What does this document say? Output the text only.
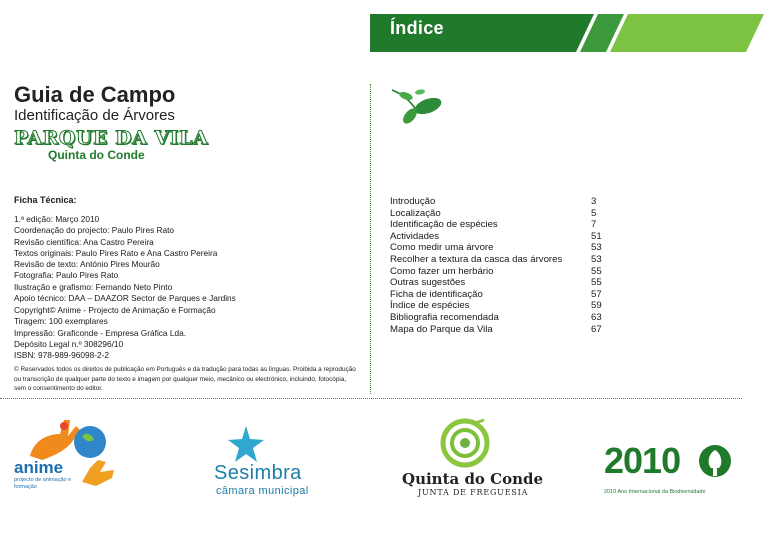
Índice
Guia de Campo
Identificação de Árvores
PARQUE DA VILA
Quinta do Conde
Ficha Técnica:
1.ª edição: Março 2010
Coordenação do projecto: Paulo Pires Rato
Revisão científica: Ana Castro Pereira
Textos originais: Paulo Pires Rato e Ana Castro Pereira
Revisão de texto: António Pires Mourão
Fotografia: Paulo Pires Rato
Ilustração e grafismo: Fernando Neto Pinto
Apoio técnico: DAA – DAAZOR Sector de Parques e Jardins
Copyright© Anime - Projecto de Animação e Formação
Tiragem: 100 exemplares
Impressão: Graficonde - Empresa Gráfica Lda.
Depósito Legal n.º 308296/10
ISBN: 978-989-96098-2-2
© Reservados todos os direitos de publicação em Português e da tradução para todas as línguas. Proibida a reprodução ou transcrição de qualquer parte do texto e imagem por qualquer meio, mecânico ou electrónico, incluindo, fotocópia, sem o consentimento do editor.
Introdução	3
Localização	5
Identificação de espécies	7
Actividades	51
Como medir uma árvore	53
Recolher a textura da casca das árvores	53
Como fazer um herbário	55
Outras sugestões	55
Ficha de identificação	57
Índice de espécies	59
Bibliografia recomendada	63
Mapa do Parque da Vila	67
anime
projecto de animação e formação
Sesimbra
câmara municipal
Quinta do Conde
JUNTA DE FREGUESIA
2010
2010 Ano Internacional da Biodiversidade
